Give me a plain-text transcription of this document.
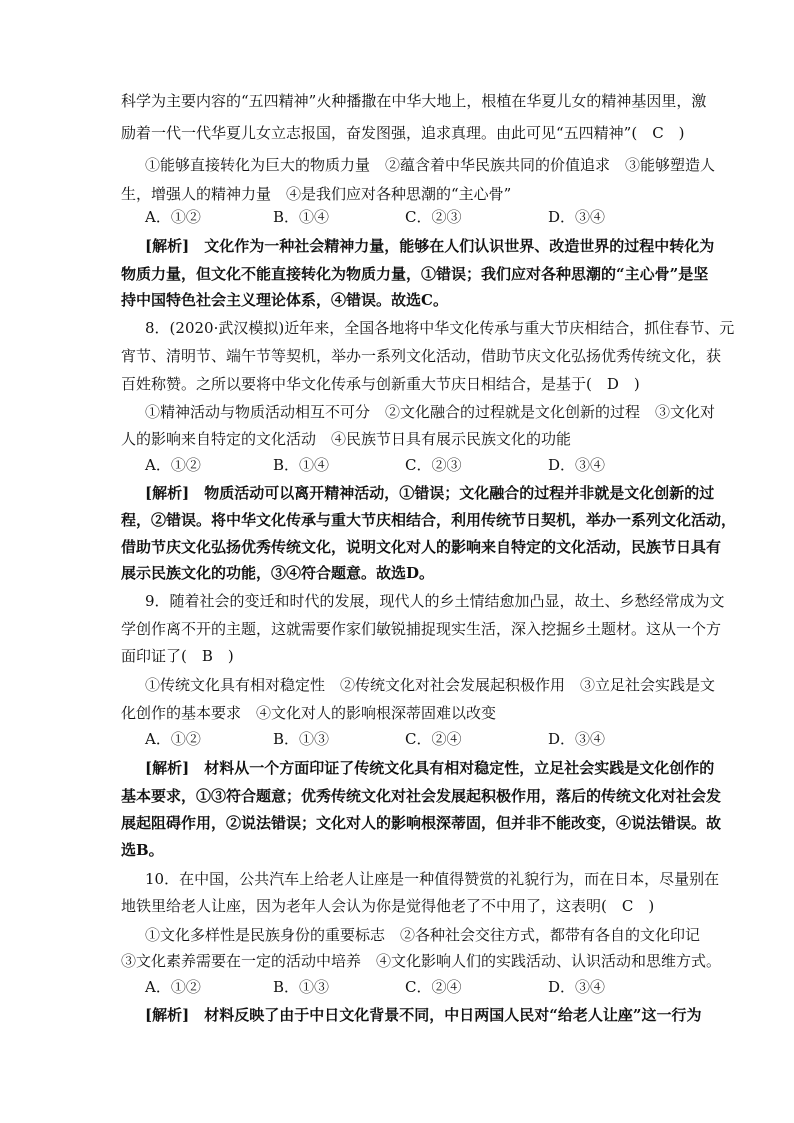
科学为主要内容的“五四精神”火种播撒在中华大地上，根植在华夏儿女的精神基因里，激
励着一代一代华夏儿女立志报国，奋发图强，追求真理。由此可见“五四精神”(　C　)
①能够直接转化为巨大的物质力量　②蕴含着中华民族共同的价值追求　③能够塑造人
生，增强人的精神力量　④是我们应对各种思潮的“主心骨”
A．①②	B．①④	C．②③	D．③④
[解析]　文化作为一种社会精神力量，能够在人们认识世界、改造世界的过程中转化为
物质力量，但文化不能直接转化为物质力量，①错误；我们应对各种思潮的“主心骨”是坚
持中国特色社会主义理论体系，④错误。故选C。
8．(2020·武汉模拟)近年来，全国各地将中华文化传承与重大节庆相结合，抓住春节、元
宵节、清明节、端午节等契机，举办一系列文化活动，借助节庆文化弘扬优秀传统文化，获
百姓称赞。之所以要将中华文化传承与创新重大节庆日相结合，是基于(　D　)
①精神活动与物质活动相互不可分　②文化融合的过程就是文化创新的过程　③文化对
人的影响来自特定的文化活动　④民族节日具有展示民族文化的功能
A．①②	B．①④	C．②③	D．③④
[解析]　物质活动可以离开精神活动，①错误；文化融合的过程并非就是文化创新的过
程，②错误。将中华文化传承与重大节庆相结合，利用传统节日契机，举办一系列文化活动，
借助节庆文化弘扬优秀传统文化，说明文化对人的影响来自特定的文化活动，民族节日具有
展示民族文化的功能，③④符合题意。故选D。
9．随着社会的变迁和时代的发展，现代人的乡土情结愈加凸显，故土、乡愁经常成为文
学创作离不开的主题，这就需要作家们敏锐捕捉现实生活，深入挖掘乡土题材。这从一个方
面印证了(　B　)
①传统文化具有相对稳定性　②传统文化对社会发展起积极作用　③立足社会实践是文
化创作的基本要求　④文化对人的影响根深蒂固难以改变
A．①②	B．①③	C．②④	D．③④
[解析]　材料从一个方面印证了传统文化具有相对稳定性，立足社会实践是文化创作的
基本要求，①③符合题意；优秀传统文化对社会发展起积极作用，落后的传统文化对社会发
展起阻碍作用，②说法错误；文化对人的影响根深蒂固，但并非不能改变，④说法错误。故
选B。
10．在中国，公共汽车上给老人让座是一种值得赞赏的礼貌行为，而在日本，尽量别在
地铁里给老人让座，因为老年人会认为你是觉得他老了不中用了，这表明(　C　)
①文化多样性是民族身份的重要标志　②各种社会交往方式，都带有各自的文化印记
③文化素养需要在一定的活动中培养　④文化影响人们的实践活动、认识活动和思维方式。
A．①②	B．①③	C．②④	D．③④
[解析]　材料反映了由于中日文化背景不同，中日两国人民对“给老人让座”这一行为
